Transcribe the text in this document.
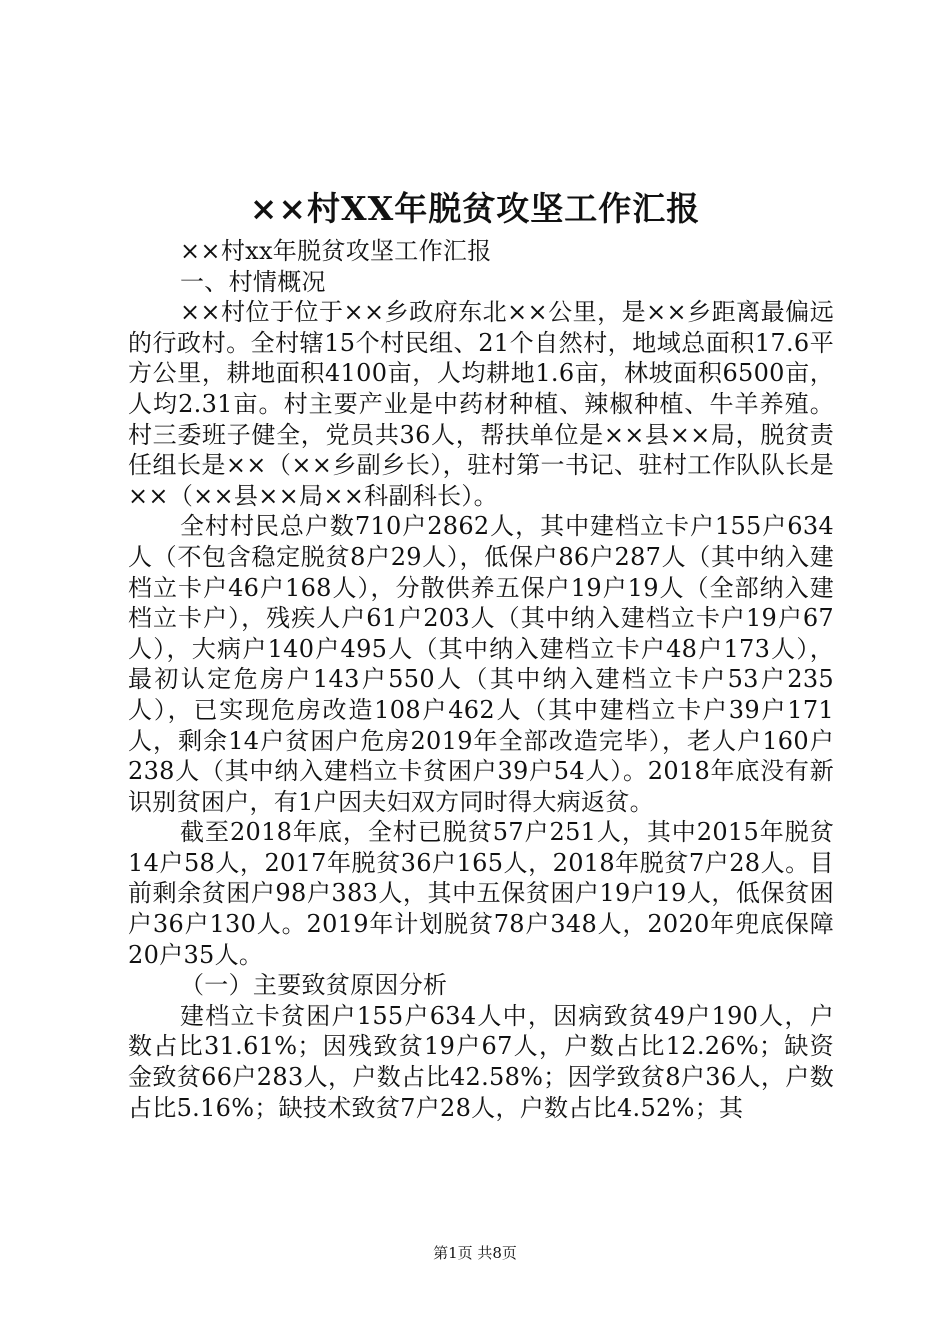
××村XX年脱贫攻坚工作汇报

××村xx年脱贫攻坚工作汇报

一、村情概况

××村位于位于××乡政府东北××公里，是××乡距离最偏远的行政村。全村辖15个村民组、21个自然村，地域总面积17.6平方公里，耕地面积4100亩，人均耕地1.6亩，林坡面积6500亩，人均2.31亩。村主要产业是中药材种植、辣椒种植、牛羊养殖。村三委班子健全，党员共36人，帮扶单位是××县××局，脱贫责任组长是××（××乡副乡长），驻村第一书记、驻村工作队队长是××（××县××局××科副科长）。

全村村民总户数710户2862人，其中建档立卡户155户634人（不包含稳定脱贫8户29人），低保户86户287人（其中纳入建档立卡户46户168人），分散供养五保户19户19人（全部纳入建档立卡户），残疾人户61户203人（其中纳入建档立卡户19户67人），大病户140户495人（其中纳入建档立卡户48户173人），最初认定危房户143户550人（其中纳入建档立卡户53户235人），已实现危房改造108户462人（其中建档立卡户39户171人，剩余14户贫困户危房2019年全部改造完毕），老人户160户238人（其中纳入建档立卡贫困户39户54人）。2018年底没有新识别贫困户，有1户因夫妇双方同时得大病返贫。

截至2018年底，全村已脱贫57户251人，其中2015年脱贫14户58人，2017年脱贫36户165人，2018年脱贫7户28人。目前剩余贫困户98户383人，其中五保贫困户19户19人，低保贫困户36户130人。2019年计划脱贫78户348人，2020年兜底保障20户35人。

（一）主要致贫原因分析

建档立卡贫困户155户634人中，因病致贫49户190人，户数占比31.61%；因残致贫19户67人，户数占比12.26%；缺资金致贫66户283人，户数占比42.58%；因学致贫8户36人，户数占比5.16%；缺技术致贫7户28人，户数占比4.52%；其

第1页 共8页
